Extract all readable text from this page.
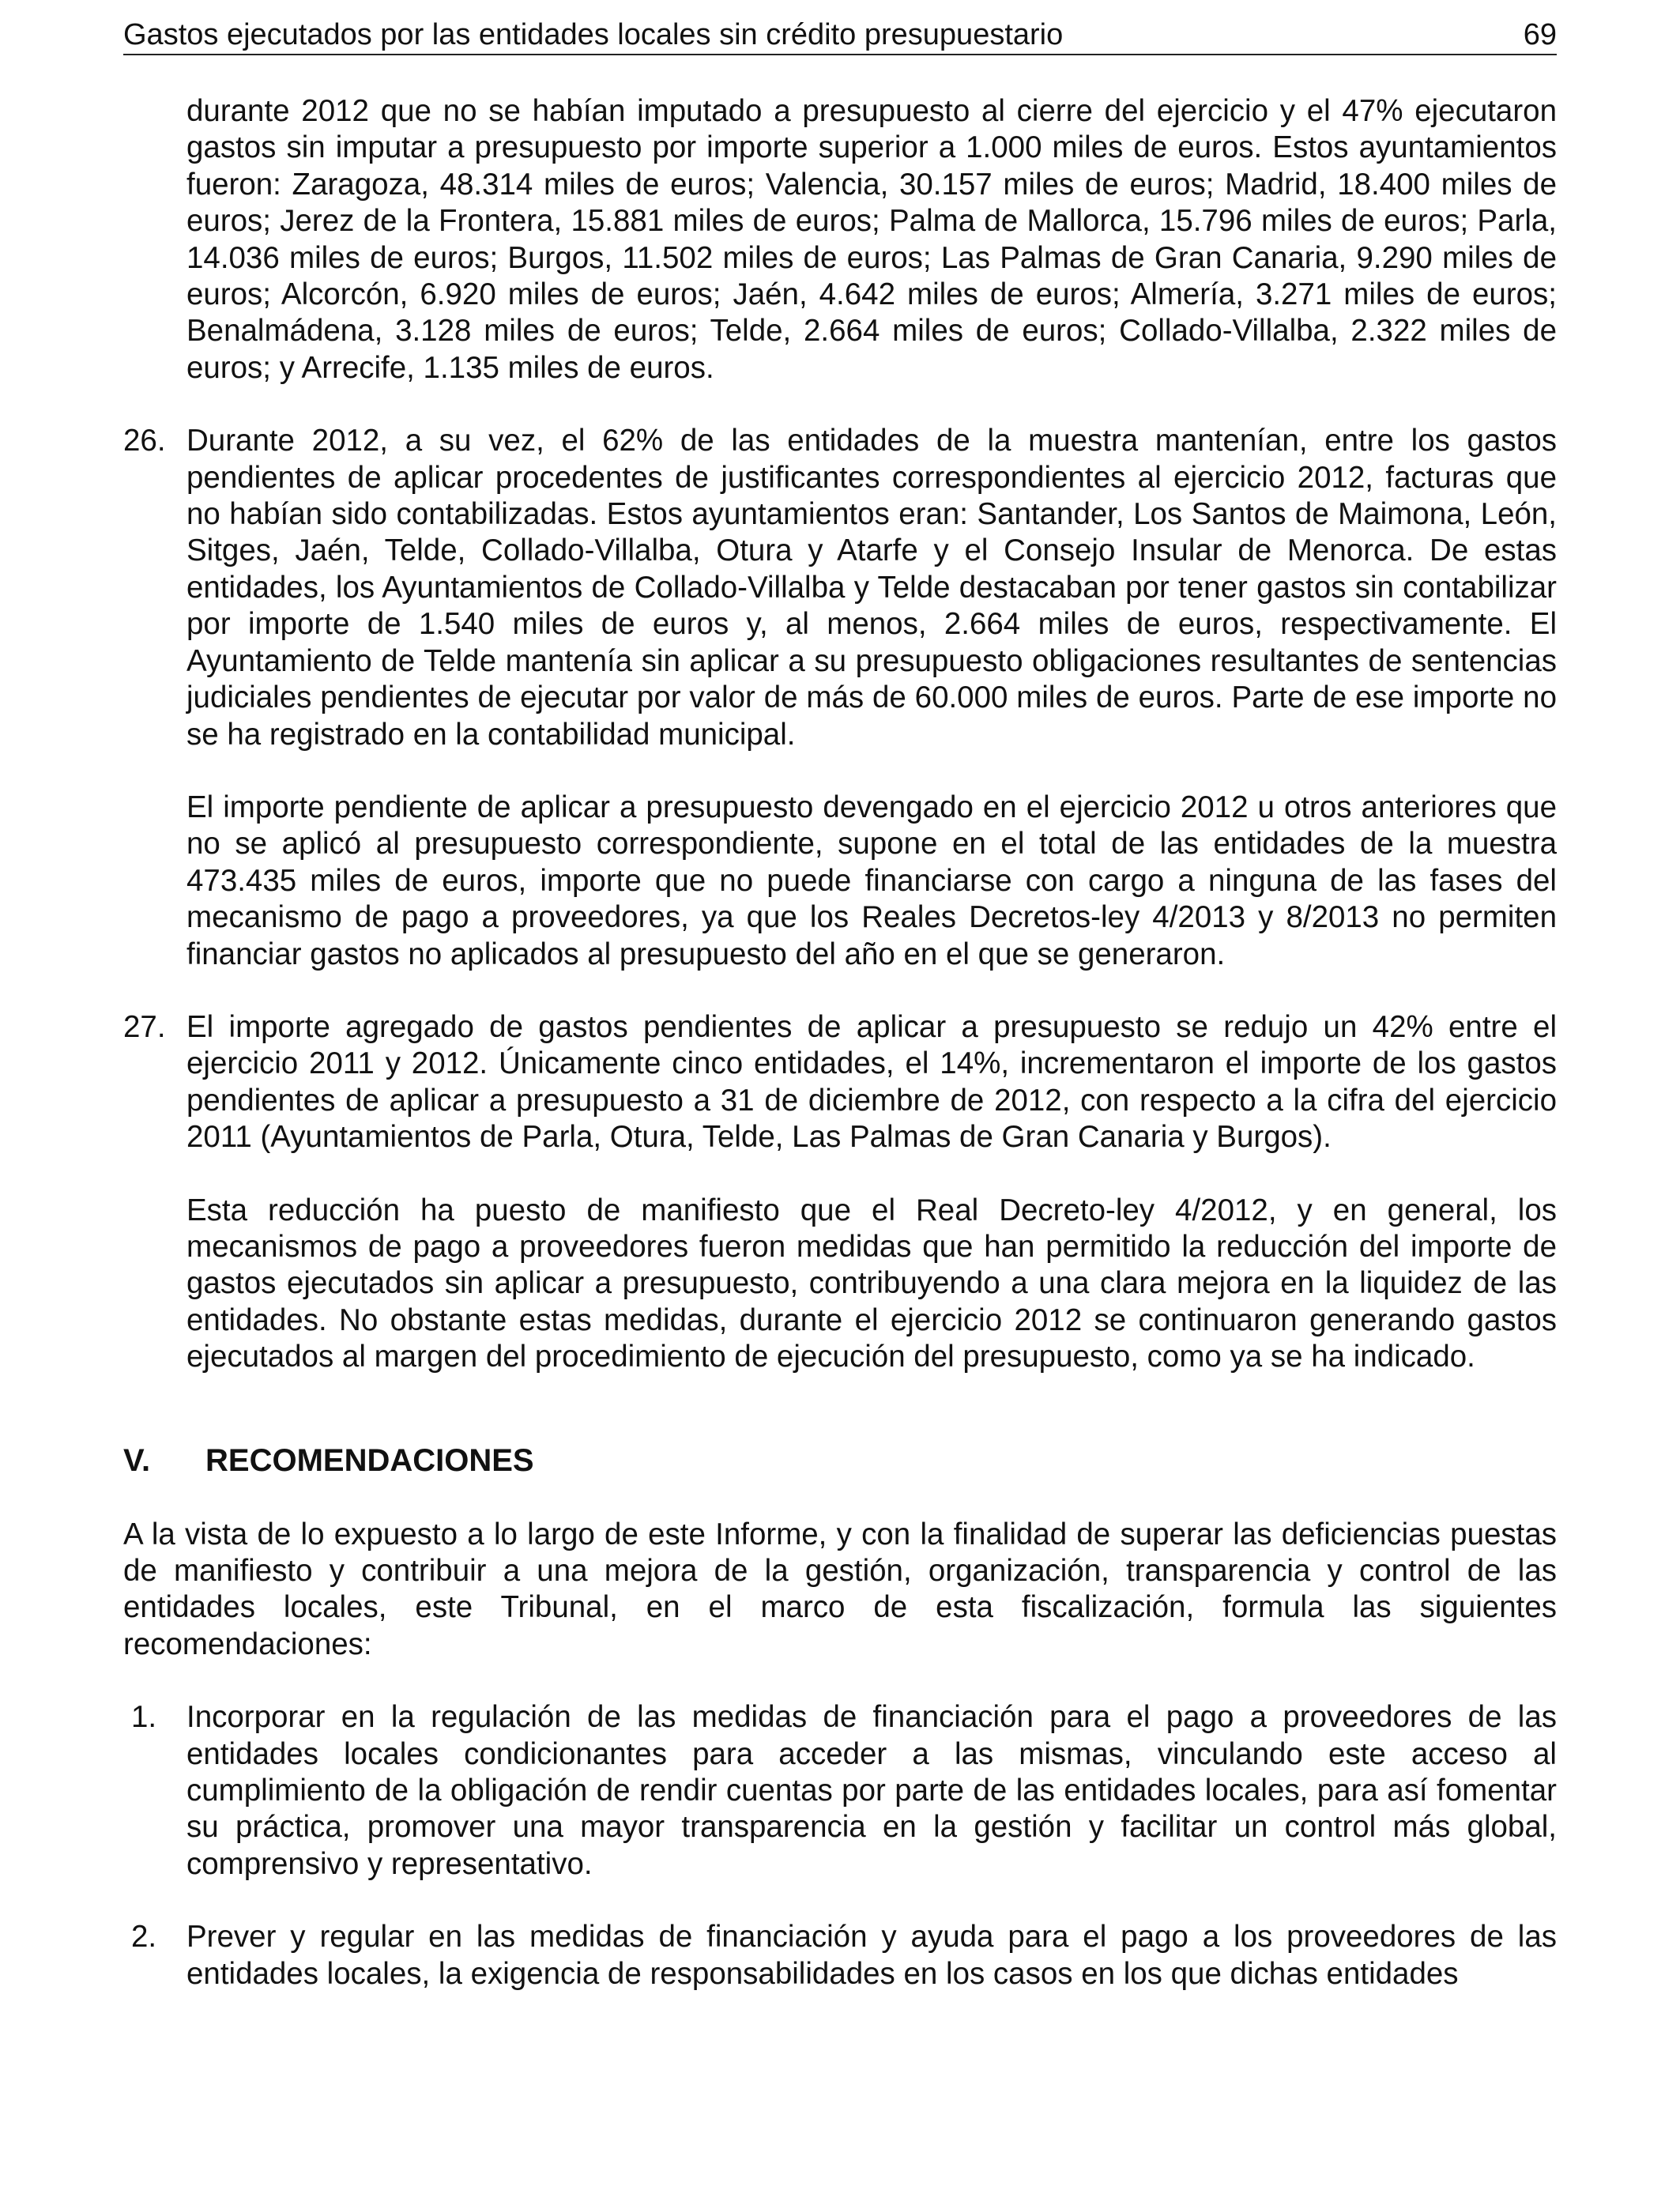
Gastos ejecutados por las entidades locales sin crédito presupuestario	69

durante 2012 que no se habían imputado a presupuesto al cierre del ejercicio y el 47% ejecutaron gastos sin imputar a presupuesto por importe superior a 1.000 miles de euros. Estos ayuntamientos fueron: Zaragoza, 48.314 miles de euros; Valencia, 30.157 miles de euros; Madrid, 18.400 miles de euros; Jerez de la Frontera, 15.881 miles de euros; Palma de Mallorca, 15.796 miles de euros; Parla, 14.036 miles de euros; Burgos, 11.502 miles de euros; Las Palmas de Gran Canaria, 9.290 miles de euros; Alcorcón, 6.920 miles de euros; Jaén, 4.642 miles de euros; Almería, 3.271 miles de euros; Benalmádena, 3.128 miles de euros; Telde, 2.664 miles de euros; Collado-Villalba, 2.322 miles de euros; y Arrecife, 1.135 miles de euros.

26. Durante 2012, a su vez, el 62% de las entidades de la muestra mantenían, entre los gastos pendientes de aplicar procedentes de justificantes correspondientes al ejercicio 2012, facturas que no habían sido contabilizadas. Estos ayuntamientos eran: Santander, Los Santos de Maimona, León, Sitges, Jaén, Telde, Collado-Villalba, Otura y Atarfe y el Consejo Insular de Menorca. De estas entidades, los Ayuntamientos de Collado-Villalba y Telde destacaban por tener gastos sin contabilizar por importe de 1.540 miles de euros y, al menos, 2.664 miles de euros, respectivamente. El Ayuntamiento de Telde mantenía sin aplicar a su presupuesto obligaciones resultantes de sentencias judiciales pendientes de ejecutar por valor de más de 60.000 miles de euros. Parte de ese importe no se ha registrado en la contabilidad municipal.

El importe pendiente de aplicar a presupuesto devengado en el ejercicio 2012 u otros anteriores que no se aplicó al presupuesto correspondiente, supone en el total de las entidades de la muestra 473.435 miles de euros, importe que no puede financiarse con cargo a ninguna de las fases del mecanismo de pago a proveedores, ya que los Reales Decretos-ley 4/2013 y 8/2013 no permiten financiar gastos no aplicados al presupuesto del año en el que se generaron.

27. El importe agregado de gastos pendientes de aplicar a presupuesto se redujo un 42% entre el ejercicio 2011 y 2012. Únicamente cinco entidades, el 14%, incrementaron el importe de los gastos pendientes de aplicar a presupuesto a 31 de diciembre de 2012, con respecto a la cifra del ejercicio 2011 (Ayuntamientos de Parla, Otura, Telde, Las Palmas de Gran Canaria y Burgos).

Esta reducción ha puesto de manifiesto que el Real Decreto-ley 4/2012, y en general, los mecanismos de pago a proveedores fueron medidas que han permitido la reducción del importe de gastos ejecutados sin aplicar a presupuesto, contribuyendo a una clara mejora en la liquidez de las entidades. No obstante estas medidas, durante el ejercicio 2012 se continuaron generando gastos ejecutados al margen del procedimiento de ejecución del presupuesto, como ya se ha indicado.

V.	RECOMENDACIONES

A la vista de lo expuesto a lo largo de este Informe, y con la finalidad de superar las deficiencias puestas de manifiesto y contribuir a una mejora de la gestión, organización, transparencia y control de las entidades locales, este Tribunal, en el marco de esta fiscalización, formula las siguientes recomendaciones:

1. Incorporar en la regulación de las medidas de financiación para el pago a proveedores de las entidades locales condicionantes para acceder a las mismas, vinculando este acceso al cumplimiento de la obligación de rendir cuentas por parte de las entidades locales, para así fomentar su práctica, promover una mayor transparencia en la gestión y facilitar un control más global, comprensivo y representativo.
2. Prever y regular en las medidas de financiación y ayuda para el pago a los proveedores de las entidades locales, la exigencia de responsabilidades en los casos en los que dichas entidades
